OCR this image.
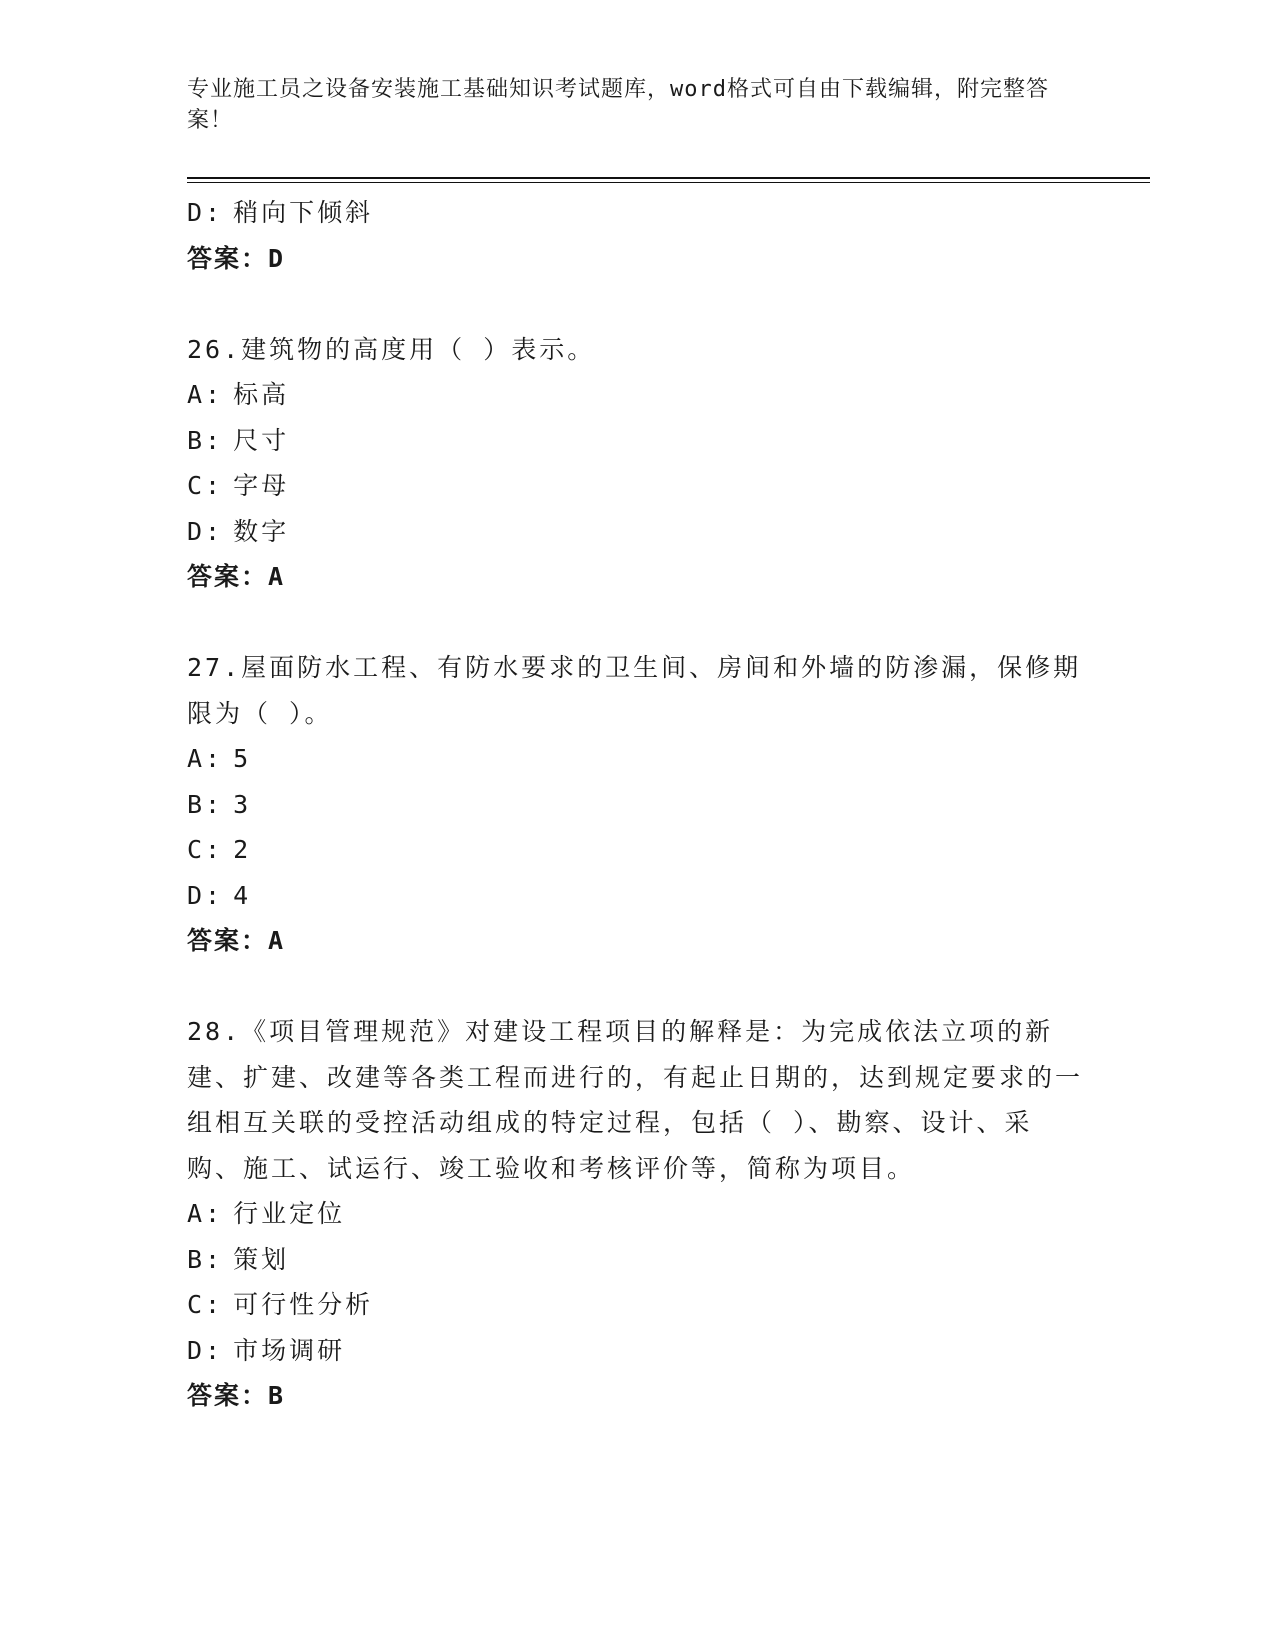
专业施工员之设备安装施工基础知识考试题库，word格式可自由下载编辑，附完整答案！
D: 稍向下倾斜
答案：D
26.建筑物的高度用（ ）表示。
A: 标高
B: 尺寸
C: 字母
D: 数字
答案：A
27.屋面防水工程、有防水要求的卫生间、房间和外墙的防渗漏，保修期限为（ ）。
A: 5
B: 3
C: 2
D: 4
答案：A
28.《项目管理规范》对建设工程项目的解释是：为完成依法立项的新建、扩建、改建等各类工程而进行的，有起止日期的，达到规定要求的一组相互关联的受控活动组成的特定过程，包括（ ）、勘察、设计、采购、施工、试运行、竣工验收和考核评价等，简称为项目。
A: 行业定位
B: 策划
C: 可行性分析
D: 市场调研
答案：B
